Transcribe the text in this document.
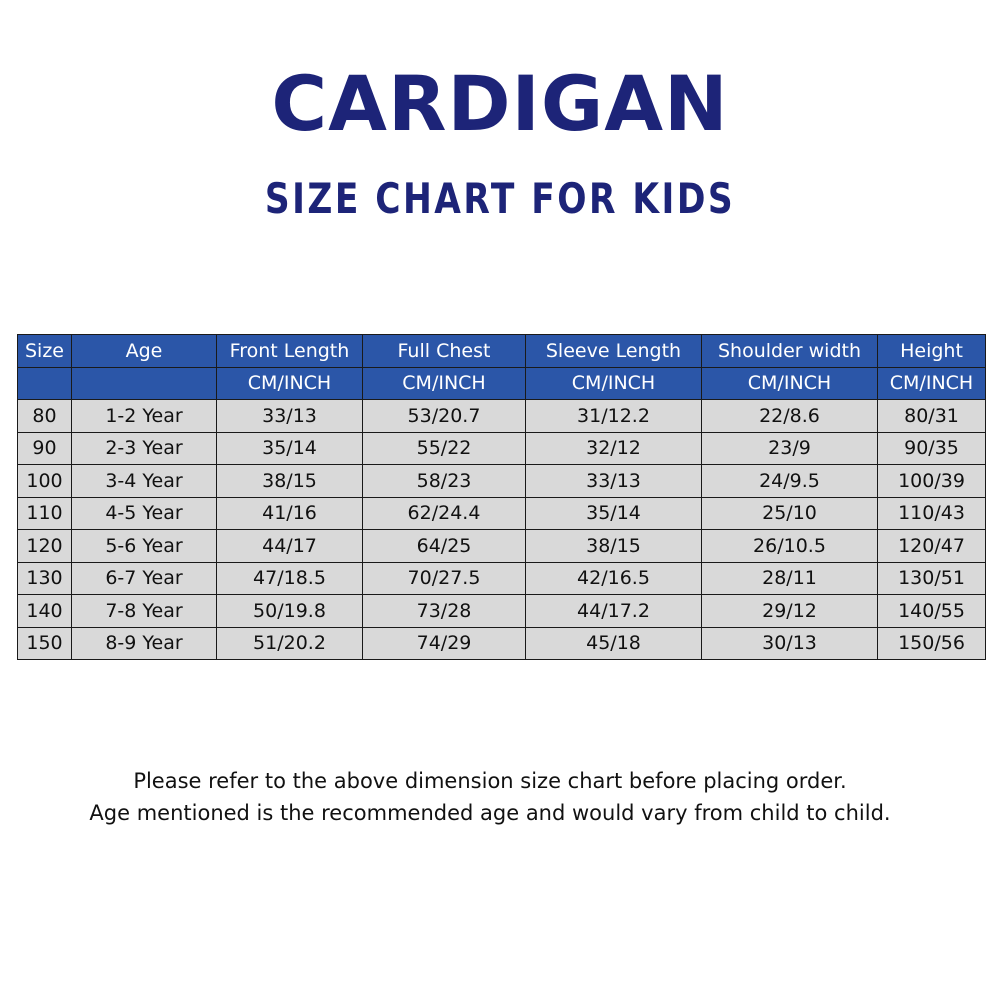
CARDIGAN
SIZE CHART FOR KIDS
Size	Age	Front Length	Full Chest	Sleeve Length	Shoulder width	Height
		CM/INCH	CM/INCH	CM/INCH	CM/INCH	CM/INCH
80	1-2 Year	33/13	53/20.7	31/12.2	22/8.6	80/31
90	2-3 Year	35/14	55/22	32/12	23/9	90/35
100	3-4 Year	38/15	58/23	33/13	24/9.5	100/39
110	4-5 Year	41/16	62/24.4	35/14	25/10	110/43
120	5-6 Year	44/17	64/25	38/15	26/10.5	120/47
130	6-7 Year	47/18.5	70/27.5	42/16.5	28/11	130/51
140	7-8 Year	50/19.8	73/28	44/17.2	29/12	140/55
150	8-9 Year	51/20.2	74/29	45/18	30/13	150/56
Please refer to the above dimension size chart before placing order.
Age mentioned is the recommended age and would vary from child to child.
